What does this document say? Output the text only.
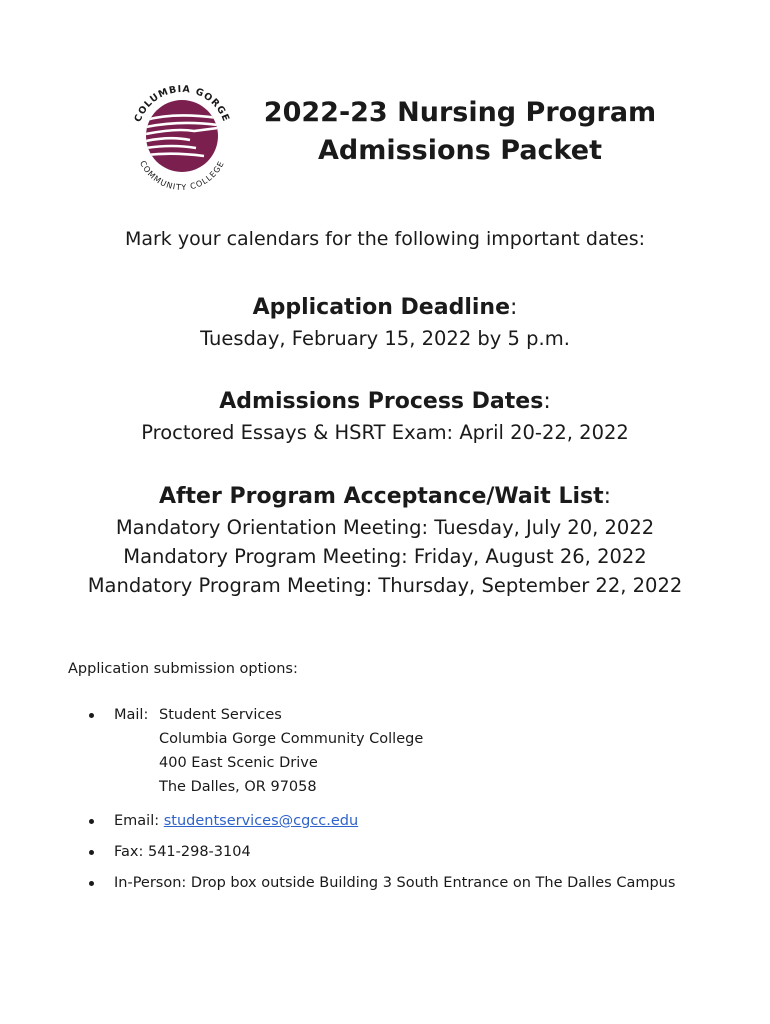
COLUMBIA GORGE
COMMUNITY COLLEGE
2022-23 Nursing Program
Admissions Packet

Mark your calendars for the following important dates:

Application Deadline:

Tuesday, February 15, 2022 by 5 p.m.

Admissions Process Dates:

Proctored Essays & HSRT Exam: April 20-22, 2022

After Program Acceptance/Wait List:

Mandatory Orientation Meeting: Tuesday, July 20, 2022

Mandatory Program Meeting: Friday, August 26, 2022

Mandatory Program Meeting: Thursday, September 22, 2022

Application submission options:

Mail: Student Services
Columbia Gorge Community College
400 East Scenic Drive
The Dalles, OR 97058
Email: studentservices@cgcc.edu
Fax: 541-298-3104
In-Person: Drop box outside Building 3 South Entrance on The Dalles Campus
